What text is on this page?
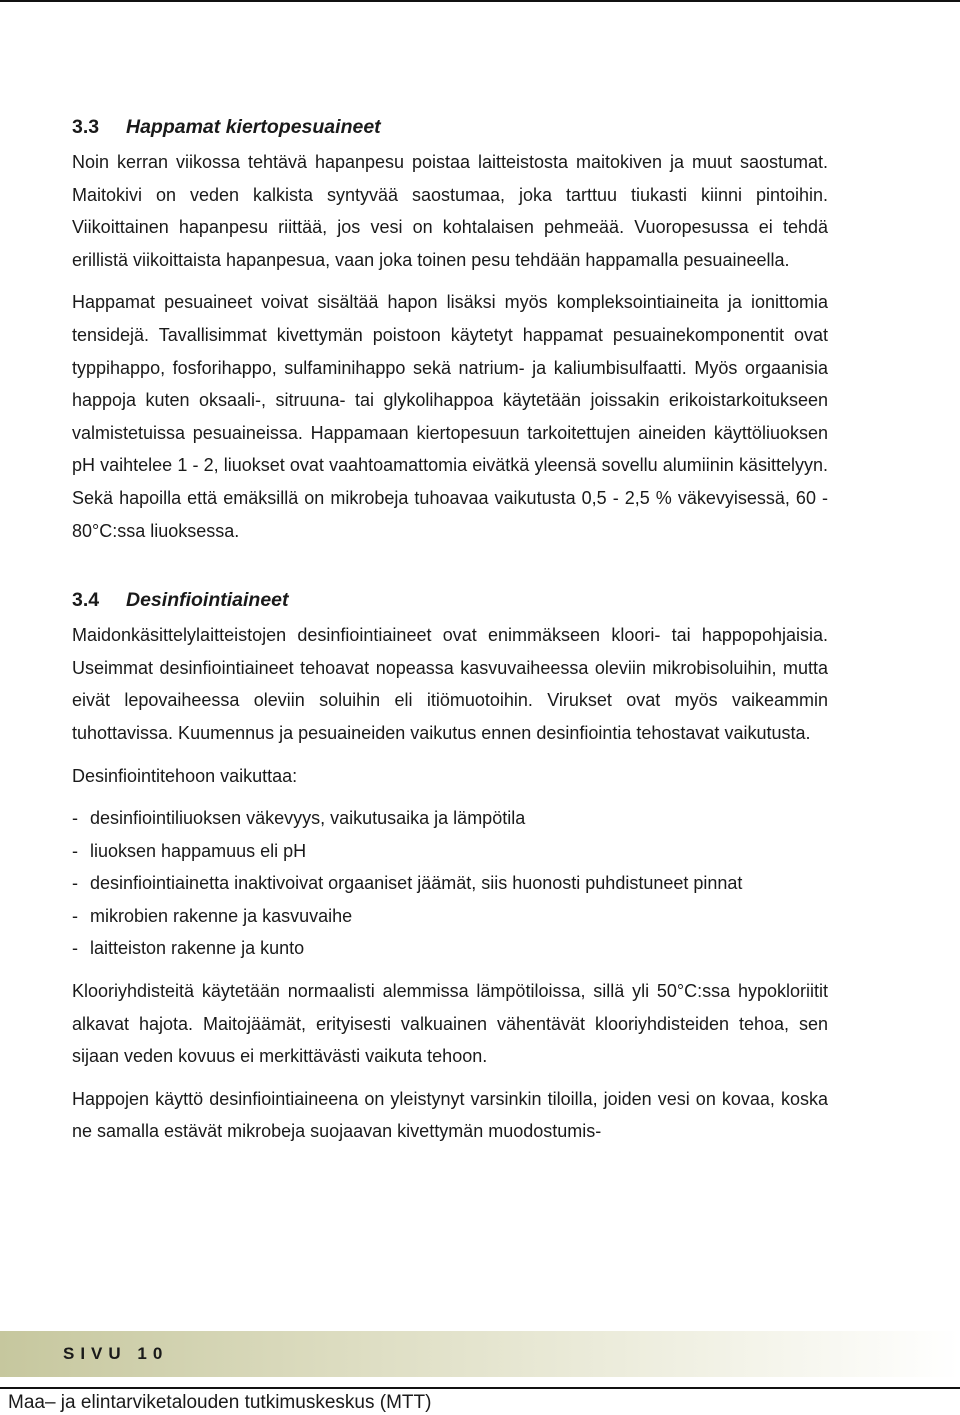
3.3 Happamat kiertopesuaineet

Noin kerran viikossa tehtävä hapanpesu poistaa laitteistosta maitokiven ja muut saostumat. Maitokivi on veden kalkista syntyvää saostumaa, joka tarttuu tiukasti kiinni pintoihin. Viikoittainen hapanpesu riittää, jos vesi on kohtalaisen pehmeää. Vuoropesussa ei tehdä erillistä viikoittaista hapanpesua, vaan joka toinen pesu tehdään happamalla pesuaineella.

Happamat pesuaineet voivat sisältää hapon lisäksi myös kompleksointiaineita ja ionittomia tensidejä. Tavallisimmat kivettymän poistoon käytetyt happamat pesuainekomponentit ovat typpihappo, fosforihappo, sulfaminihappo sekä natrium- ja kaliumbisulfaatti. Myös orgaanisia happoja kuten oksaali-, sitruuna- tai glykolihappoa käytetään joissakin erikoistarkoitukseen valmistetuissa pesuaineissa. Happamaan kiertopesuun tarkoitettujen aineiden käyttöliuoksen pH vaihtelee 1 - 2, liuokset ovat vaahtoamattomia eivätkä yleensä sovellu alumiinin käsittelyyn. Sekä hapoilla että emäksillä on mikrobeja tuhoavaa vaikutusta 0,5 - 2,5 % väkevyisessä, 60 - 80°C:ssa liuoksessa.

3.4 Desinfiointiaineet

Maidonkäsittelylaitteistojen desinfiointiaineet ovat enimmäkseen kloori- tai happopohjaisia. Useimmat desinfiointiaineet tehoavat nopeassa kasvuvaiheessa oleviin mikrobisoluihin, mutta eivät lepovaiheessa oleviin soluihin eli itiömuotoihin. Virukset ovat myös vaikeammin tuhottavissa. Kuumennus ja pesuaineiden vaikutus ennen desinfiointia tehostavat vaikutusta.

Desinfiointitehoon vaikuttaa:

- desinfiointiliuoksen väkevyys, vaikutusaika ja lämpötila
- liuoksen happamuus eli pH
- desinfiointiainetta inaktivoivat orgaaniset jäämät, siis huonosti puhdistuneet pinnat
- mikrobien rakenne ja kasvuvaihe
- laitteiston rakenne ja kunto

Klooriyhdisteitä käytetään normaalisti alemmissa lämpötiloissa, sillä yli 50°C:ssa hypokloriitit alkavat hajota. Maitojäämät, erityisesti valkuainen vähentävät klooriyhdisteiden tehoa, sen sijaan veden kovuus ei merkittävästi vaikuta tehoon.

Happojen käyttö desinfiointiaineena on yleistynyt varsinkin tiloilla, joiden vesi on kovaa, koska ne samalla estävät mikrobeja suojaavan kivettymän muodostumis-

SIVU 10
Maa– ja elintarviketalouden tutkimuskeskus (MTT)
